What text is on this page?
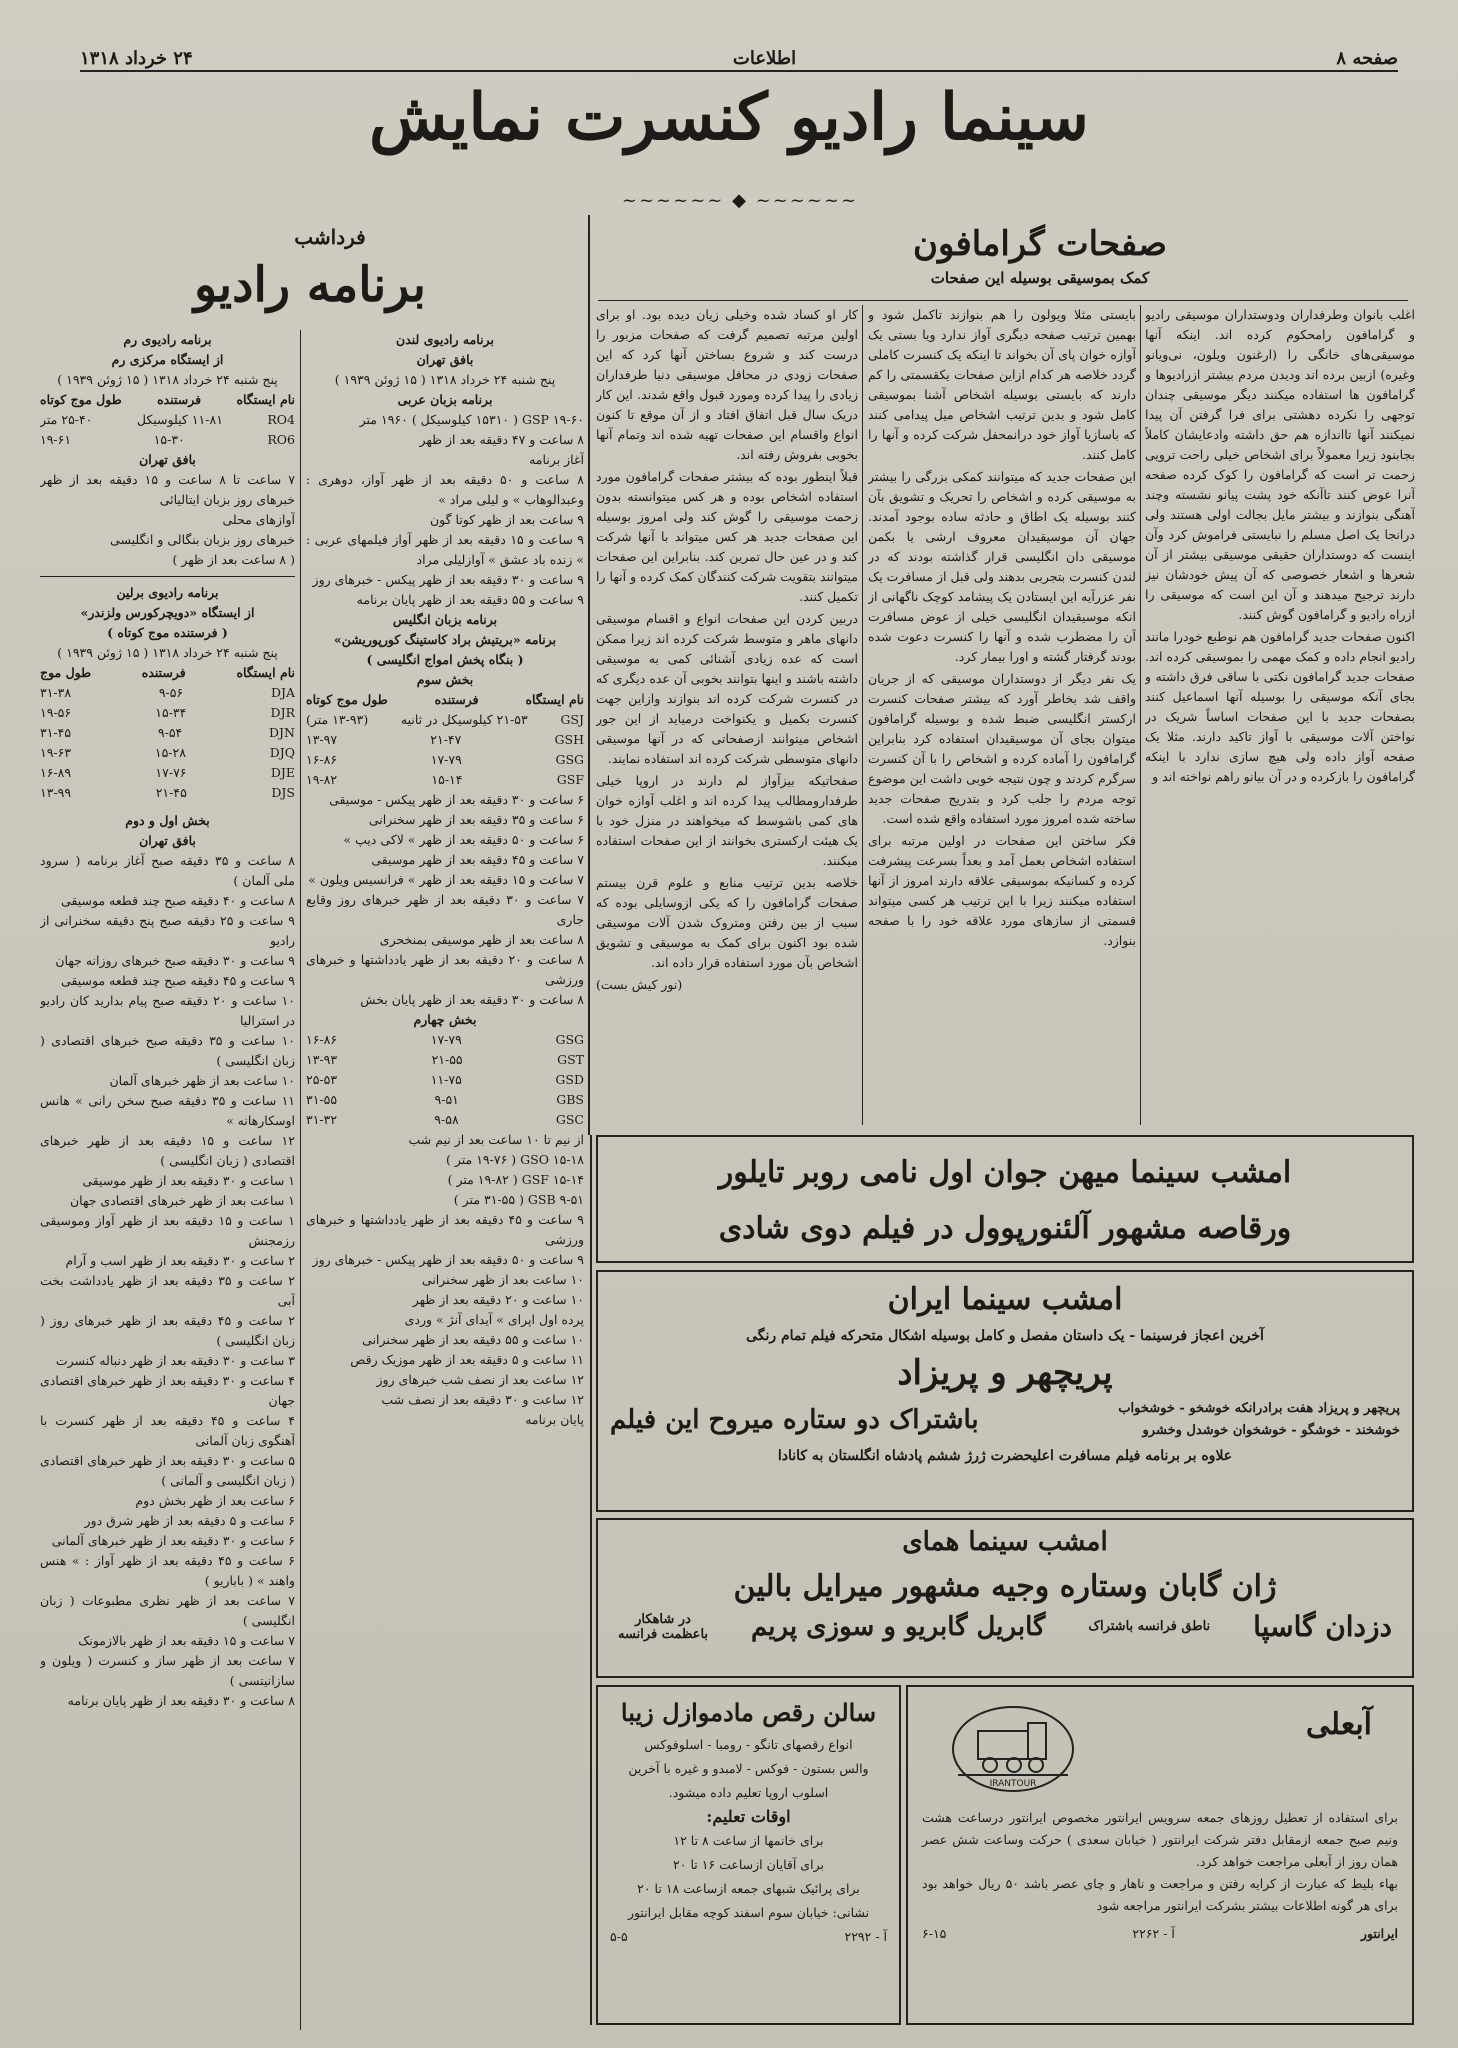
صفحه ۸
اطلاعات
۲۴ خرداد ۱۳۱۸
سینما رادیو کنسرت نمایش
~~~~~~ ◆ ~~~~~~
صفحات گرامافون
کمک بموسیقی بوسیله این صفحات

اغلب بانوان وطرفداران ودوستداران موسیقی رادیو و گرامافون رامحکوم کرده اند. اینکه آنها موسیقی‌های خانگی را (ارغنون ویلون، نی‌ویانو وغیره) ازبین برده اند ودیدن مردم بیشتر ازرادیوها و گرامافون ها استفاده میکنند دیگر موسیقی چندان توجهی را نکرده دهشتی برای فرا گرفتن آن پیدا نمیکنند آنها تااندازه هم حق داشته وادعایشان کاملاً بجابنود زیرا معمولاً برای اشخاص خیلی راحت ترویی زحمت تر است که گرامافون را کوک کرده صفحه آنرا عوض کنند تاآنکه خود پشت پیانو نشسته وچند آهنگی بنوازند و بیشتر مایل بجالت اولی هستند ولی درانجا یک اصل مسلم را نبایستی فراموش کرد وآن اینست که دوستداران حقیقی موسیقی بیشتر از آن شعرها و اشعار خصوصی که آن پیش خودشان نیز دارند ترجیح میدهند و آن این است که موسیقی را ازراه رادیو و گرامافون گوش کنند.

اکنون صفحات جدید گرامافون هم نوطبع خودرا مانند رادیو انجام داده و کمک مهمی را بموسیقی کرده اند. صفحات جدید گرامافون نکتی با ساقی فرق داشته و بجای آنکه موسیقی را بوسیله آنها اسماعیل کنند بصفحات جدید با این صفحات اساساً شریک در نواختن آلات موسیقی با آواز تاکید دارند. مثلا یک صفحه آواز داده ولی هیچ سازی ندارد با اینکه گرامافون را بازکرده و در آن بیانو راهم نواخته اند و

بایستی مثلا ویولون را هم بنوازند تاکمل شود و بهمین ترتیب صفحه دیگری آواز ندارد ویا بستی یک آوازه خوان پای آن بخواند تا اینکه یک کنسرت کاملی گردد خلاصه هر کدام ازاین صفحات یکقسمتی را کم دارند که بایستی بوسیله اشخاص آشنا بموسیقی کامل شود و بدین ترتیب اشخاص میل پیدامی کنند که باسازیا آواز خود درانمحفل شرکت کرده و آنها را کامل کنند.

این صفحات جدید که میتوانند کمکی بزرگی را بیشتر به موسیقی کرده و اشخاص را تحریک و تشویق بآن کنند بوسیله یک اطاق و حادثه ساده بوجود آمدند. جهان آن موسیقیدان معروف ارشی یا بکمن موسیقی دان انگلیسی قرار گذاشته بودند که در لندن کنسرت بتجربی بدهند ولی قبل از مسافرت یک نفر عزرآیه این ایستادن یک پیشامد کوچک ناگهانی از انکه موسیقیدان انگلیسی خیلی از عوض مسافرت آن را مضطرب شده و آنها را کنسرت دعوت شده بودند گرفتار گشته و اورا بیمار کرد.

یک نفر دیگر از دوستداران موسیقی که از جریان واقف شد بخاطر آورد که بیشتر صفحات کنسرت ارکستر انگلیسی ضبط شده و بوسیله گرامافون میتوان بجای آن موسیقیدان استفاده کرد بنابراین گرامافون را آماده کرده و اشخاص را با آن کنسرت سرگرم کردند و چون نتیجه خوبی داشت این موضوع توجه مردم را جلب کرد و بتدریج صفحات جدید ساخته شده امروز مورد استفاده واقع شده است.

فکر ساختن این صفحات در اولین مرتبه برای استفاده اشخاص بعمل آمد و بعداً بسرعت پیشرفت کرده و کسانیکه بموسیقی علاقه دارند امروز از آنها استفاده میکنند زیرا با این ترتیب هر کسی میتواند قسمتی از سازهای مورد علاقه خود را با صفحه بنوازد.

کار او کساد شده وخیلی زیان دیده بود. او برای اولین مرتبه تصمیم گرفت که صفحات مزبور را درست کند و شروع بساختن آنها کرد که این صفحات زودی در محافل موسیقی دنیا طرفداران زیادی را پیدا کرده ومورد قبول واقع شدند. این کار دریک سال قبل اتفاق افتاد و از آن موقع تا کنون انواع واقسام این صفحات تهیه شده اند وتمام آنها بخوبی بفروش رفته اند.

قبلاً اینطور بوده که بیشتر صفحات گرامافون مورد استفاده اشخاص بوده و هر کس میتوانسته بدون زحمت موسیقی را گوش کند ولی امروز بوسیله این صفحات جدید هر کس میتواند با آنها شرکت کند و در عین حال تمرین کند. بنابراین این صفحات میتوانند بتقویت شرکت کنندگان کمک کرده و آنها را تکمیل کنند.

دربین کردن این صفحات انواع و اقسام موسیقی دانهای ماهر و متوسط شرکت کرده اند زیرا ممکن است که عده زیادی آشنائی کمی به موسیقی داشته باشند و اینها بتوانند بخوبی آن عده دیگری که در کنسرت شرکت کرده اند بنوازند وازاین جهت کنسرت بکمیل و یکنواخت درمیاید از این جور اشخاص میتوانند ازصفحاتی که در آنها موسیقی دانهای متوسطی شرکت کرده اند استفاده نمایند.

صفحاتیکه بیزآواز لم دارند در اروپا خیلی طرفدارومطالب پیدا کرده اند و اغلب آوازه خوان های کمی باشوسط که میخواهند در منزل خود با یک هیئت ارکستری بخوانند از این صفحات استفاده میکنند.

خلاصه بدین ترتیب منابع و علوم قرن بیستم صفحات گرامافون را که یکی ازوسایلی بوده که سبب از بین رفتن ومتروک شدن آلات موسیقی شده بود اکنون برای کمک به موسیقی و تشویق اشخاص بآن مورد استفاده قرار داده اند.

(نور کیش بست)

فرداشب
برنامه رادیو
برنامه رادیوی لندن
بافق تهران
پنج شنبه ۲۴ خرداد ۱۳۱۸ ( ۱۵ ژوئن ۱۹۳۹ )
برنامه بزبان عربی
GSP ۱۹-۶۰ ( ۱۵۳۱۰ کیلوسیکل ) ۱۹۶۰ متر
۸ ساعت و ۴۷ دقیقه بعد از ظهر
آغاز برنامه
۸ ساعت و ۵۰ دقیقه بعد از ظهر آواز، دوهری : وعبدالوهاب » و لیلی مراد »
۹ ساعت بعد از ظهر کوتا گون
۹ ساعت و ۱۵ دقیقه بعد از ظهر آواز فیلمهای عربی : » زنده باد عشق » آوازلیلی مراد
۹ ساعت و ۳۰ دقیقه بعد از ظهر پیکس - خبرهای روز
۹ ساعت و ۵۵ دقیقه بعد از ظهر پایان برنامه
برنامه بزبان انگلیس
برنامه «بریتیش براد کاستینگ کورپوریشن»
( بنگاه پخش امواج انگلیسی )
بخش سوم
نام ایستگاه
فرستنده
طول موج کوتاه
GSJ
۲۱-۵۳ کیلوسیکل در ثانیه
(۱۳-۹۳ متر)
GSH
۲۱-۴۷
۱۳-۹۷
GSG
۱۷-۷۹
۱۶-۸۶
GSF
۱۵-۱۴
۱۹-۸۲
۶ ساعت و ۳۰ دقیقه بعد از ظهر پیکس - موسیقی
۶ ساعت و ۳۵ دقیقه بعد از ظهر سخنرانی
۶ ساعت و ۵۰ دقیقه بعد از ظهر » لاکی دیپ »
۷ ساعت و ۴۵ دقیقه بعد از ظهر موسیقی
۷ ساعت و ۱۵ دقیقه بعد از ظهر » فرانسیس ویلون »
۷ ساعت و ۳۰ دقیقه بعد از ظهر خبرهای روز وقایع جاری
۸ ساعت بعد از ظهر موسیقی بمنخحری
۸ ساعت و ۲۰ دقیقه بعد از ظهر یادداشتها و خبرهای ورزشی
۸ ساعت و ۳۰ دقیقه بعد از ظهر پایان بخش
بخش چهارم
GSG
۱۷-۷۹
۱۶-۸۶
GST
۲۱-۵۵
۱۳-۹۳
GSD
۱۱-۷۵
۲۵-۵۳
GBS
۹-۵۱
۳۱-۵۵
GSC
۹-۵۸
۳۱-۳۲
از نیم تا ۱۰ ساعت بعد از نیم شب
GSO ۱۵-۱۸ ( ۱۹-۷۶ متر )
GSF ۱۵-۱۴ ( ۱۹-۸۲ متر )
GSB ۹-۵۱ ( ۳۱-۵۵ متر )
۹ ساعت و ۴۵ دقیقه بعد از ظهر یادداشتها و خبرهای ورزشی
۹ ساعت و ۵۰ دقیقه بعد از ظهر پیکس - خبرهای روز
۱۰ ساعت بعد از ظهر سخنرانی
۱۰ ساعت و ۲۰ دقیقه بعد از ظهر
پرده اول اپرای » آیدای آنژ » وردی
۱۰ ساعت و ۵۵ دقیقه بعد از ظهر سخنرانی
۱۱ ساعت و ۵ دقیقه بعد از ظهر موزیک رقص
۱۲ ساعت بعد از نصف شب خبرهای روز
۱۲ ساعت و ۳۰ دقیقه بعد از نصف شب
پایان برنامه
برنامه رادیوی رم
از ایستگاه مرکزی رم
پنج شنبه ۲۴ خرداد ۱۳۱۸ ( ۱۵ ژوئن ۱۹۳۹ )
نام ایستگاه
فرستنده
طول موج کوتاه
RO4
۱۱-۸۱ کیلوسیکل
۲۵-۴۰ متر
RO6
۱۵-۳۰
۱۹-۶۱
بافق تهران
۷ ساعت تا ۸ ساعت و ۱۵ دقیقه بعد از ظهر خبرهای روز بزبان ایتالیائی
آوازهای محلی
خبرهای روز بزبان بنگالی و انگلیسی
( ۸ ساعت بعد از ظهر )
برنامه رادیوی برلین
از ایستگاه «دویچرکورس ولزندر»
( فرستنده موج کوتاه )
پنج شنبه ۲۴ خرداد ۱۳۱۸ ( ۱۵ ژوئن ۱۹۳۹ )
نام ایستگاه
فرستنده
طول موج
DJA
۹-۵۶
۳۱-۳۸
DJR
۱۵-۳۴
۱۹-۵۶
DJN
۹-۵۴
۳۱-۴۵
DJQ
۱۵-۲۸
۱۹-۶۳
DJE
۱۷-۷۶
۱۶-۸۹
DJS
۲۱-۴۵
۱۳-۹۹
بخش اول و دوم
بافق تهران
۸ ساعت و ۳۵ دقیقه صبح آغاز برنامه ( سرود ملی آلمان )
۸ ساعت و ۴۰ دقیقه صبح چند قطعه موسیقی
۹ ساعت و ۲۵ دقیقه صبح پنج دقیقه سخنرانی از رادیو
۹ ساعت و ۳۰ دقیقه صبح خبرهای روزانه جهان
۹ ساعت و ۴۵ دقیقه صبح چند قطعه موسیقی
۱۰ ساعت و ۲۰ دقیقه صبح پیام بدارید کان رادیو در استرالیا
۱۰ ساعت و ۳۵ دقیقه صبح خبرهای اقتصادی ( زبان انگلیسی )
۱۰ ساعت بعد از ظهر خبرهای آلمان
۱۱ ساعت و ۳۵ دقیقه صبح سخن رانی » هانس اوسکارهانه »
۱۲ ساعت و ۱۵ دقیقه بعد از ظهر خبرهای اقتصادی ( زبان انگلیسی )
۱ ساعت و ۳۰ دقیقه بعد از ظهر موسیقی
۱ ساعت بعد از ظهر خبرهای اقتصادی جهان
۱ ساعت و ۱۵ دقیقه بعد از ظهر آواز وموسیقی رزمجنش
۲ ساعت و ۳۰ دقیقه بعد از ظهر اسب و آرام
۲ ساعت و ۳۵ دقیقه بعد از ظهر یادداشت بخت آبی
۲ ساعت و ۴۵ دقیقه بعد از ظهر خبرهای روز ( زبان انگلیسی )
۳ ساعت و ۳۰ دقیقه بعد از ظهر دنباله کنسرت
۴ ساعت و ۳۰ دقیقه بعد از ظهر خبرهای اقتصادی جهان
۴ ساعت و ۴۵ دقیقه بعد از ظهر کنسرت با آهنگوی زبان آلمانی
۵ ساعت و ۳۰ دقیقه بعد از ظهر خبرهای اقتصادی ( زبان انگلیسی و آلمانی )
۶ ساعت بعد از ظهر بخش دوم
۶ ساعت و ۵ دقیقه بعد از ظهر شرق دور
۶ ساعت و ۳۰ دقیقه بعد از ظهر خبرهای آلمانی
۶ ساعت و ۴۵ دقیقه بعد از ظهر آواز : » هنس واهند » ( باباریو )
۷ ساعت بعد از ظهر نظری مطبوعات ( زبان انگلیسی )
۷ ساعت و ۱۵ دقیقه بعد از ظهر بالازمونک
۷ ساعت بعد از ظهر ساز و کنسرت ( ویلون و سازانیتسی )
۸ ساعت و ۳۰ دقیقه بعد از ظهر پایان برنامه
امشب سینما میهن جوان اول نامی روبر تایلور
ورقاصه مشهور آلئنورپوول در فیلم دوی شادی
امشب سینما ایران
آخرین اعجاز فرسینما - یک داستان مفصل و کامل بوسیله اشکال متحرکه فیلم تمام رنگی
پریچهر و پریزاد
پریچهر و پریزاد هفت برادرانکه خوشخو - خوشخواب
خوشخند - خوشگو - خوشخوان خوشدل وخشرو
باشتراک دو ستاره میروح این فیلم
علاوه بر برنامه فیلم مسافرت اعلیحضرت ژرژ ششم پادشاه انگلستان به کانادا
امشب سینما همای
ژان گابان وستاره وجیه مشهور میرایل بالین
دزدان گاسپا
ناطق فرانسه باشتراک
گابریل گابریو و سوزی پریم
در شاهکار
باعظمت فرانسه
سالن رقص مادموازل زیبا
انواع رقصهای تانگو - رومبا - اسلوفوکس
والس بستون - فوکس - لامبدو و غیره با آخرین
اسلوب اروپا تعلیم داده میشود.
اوقات تعلیم:
برای خانمها از ساعت ۸ تا ۱۲
برای آقایان ازساعت ۱۶ تا ۲۰
برای پرائیک شبهای جمعه ازساعت ۱۸ تا ۲۰
نشانی: خیابان سوم اسفند کوچه مقابل ایرانتور
آ - ۲۲۹۲
۵-۵
آبعلی
IRANTOUR
برای استفاده از تعطیل روزهای جمعه سرویس ایرانتور مخصوص ایرانتور درساعت هشت ونیم صبح جمعه ازمقابل دفتر شرکت ایرانتور ( خیابان سعدی ) حرکت وساعت شش عصر همان روز از آبعلی مراجعت خواهد کرد.
بهاء بلیط که عبارت از کرایه رفتن و مراجعت و ناهار و چای عصر باشد ۵۰ ریال خواهد بود برای هر گونه اطلاعات بیشتر بشرکت ایرانتور مراجعه شود
ایرانتور
آ - ۲۲۶۲
۶-۱۵
